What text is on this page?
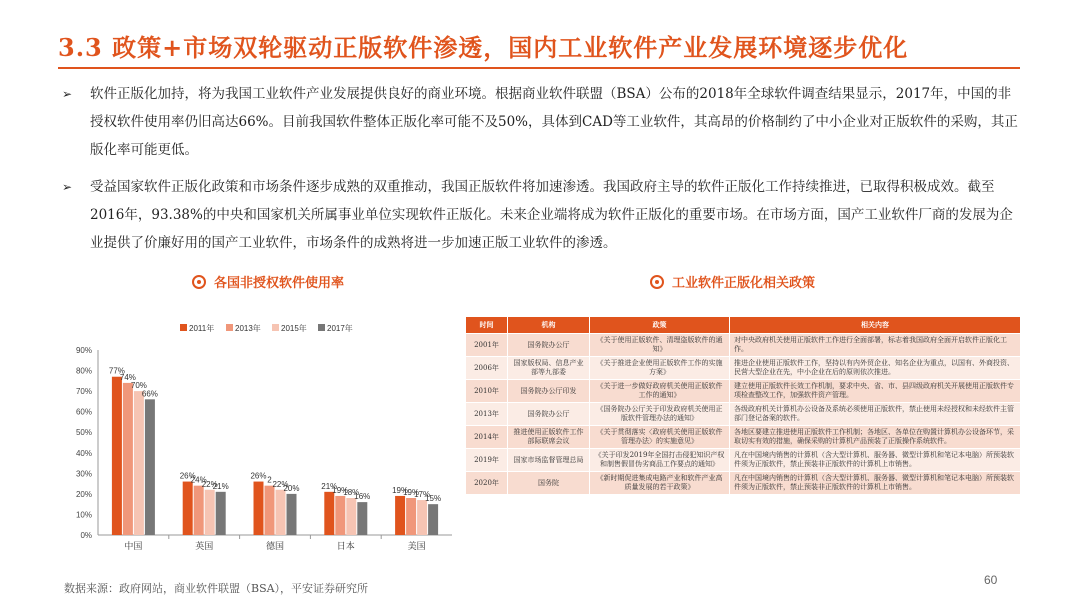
3.3 政策+市场双轮驱动正版软件渗透，国内工业软件产业发展环境逐步优化
➢ 软件正版化加持，将为我国工业软件产业发展提供良好的商业环境。根据商业软件联盟（BSA）公布的2018年全球软件调查结果显示，2017年，中国的非授权软件使用率仍旧高达66%。目前我国软件整体正版化率可能不及50%，具体到CAD等工业软件，其高昂的价格制约了中小企业对正版软件的采购，其正版化率可能更低。
➢ 受益国家软件正版化政策和市场条件逐步成熟的双重推动，我国正版软件将加速渗透。我国政府主导的软件正版化工作持续推进，已取得积极成效。截至2016年，93.38%的中央和国家机关所属事业单位实现软件正版化。未来企业端将成为软件正版化的重要市场。在市场方面，国产工业软件厂商的发展为企业提供了价廉好用的国产工业软件，市场条件的成熟将进一步加速正版工业软件的渗透。
各国非授权软件使用率	工业软件正版化相关政策
0%
10%
20%
30%
40%
50%
60%
70%
80%
90%
77%
74%
70%
66%
中国
26%
24%
22%
21%
英国
26% 2 22%
20%
德国
21%
19%
18%
16%
日本
19%
19%
17%
15%
美国
2011年	2013年	2015年	2017年	时间	机构	政策	相关内容
2001年	国务院办公厅	《关于使用正版软件、清理盗版软件的通知》	对中央政府机关使用正版软件工作进行全面部署，标志着我国政府全面开启软件正版化工作。
2006年	国家版权局、信息产业部等九部委	《关于推进企业使用正版软件工作的实施方案》	推进企业使用正版软件工作，坚持以有内外贸企业、知名企业为重点，以国有、外商投资、民营大型企业在先，中小企业在后的原则依次推进。
2010年	国务院办公厅印发	《关于进一步做好政府机关使用正版软件工作的通知》	建立使用正版软件长效工作机制，要求中央、省、市、县四级政府机关开展使用正版软件专项检查整改工作，加强软件资产管理。
2013年	国务院办公厅	《国务院办公厅关于印发政府机关使用正版软件管理办法的通知》	各级政府机关计算机办公设备及系统必须使用正版软件，禁止使用未经授权和未经软件主管部门登记备案的软件。
2014年	推进使用正版软件工作部际联席会议	《关于贯彻落实〈政府机关使用正版软件管理办法〉的实施意见》	各地区要建立推进使用正版软件工作机制；各地区、各单位在购置计算机办公设备环节，采取切实有效的措施，确保采购的计算机产品预装了正版操作系统软件。
2019年	国家市场监督管理总局	《关于印发2019年全国打击侵犯知识产权和制售假冒伪劣商品工作要点的通知》	凡在中国境内销售的计算机（含大型计算机、服务器、微型计算机和笔记本电脑）所预装软件须为正版软件，禁止预装非正版软件的计算机上市销售。
2020年	国务院	《新时期促进集成电路产业和软件产业高质量发展的若干政策》	凡在中国境内销售的计算机（含大型计算机、服务器、微型计算机和笔记本电脑）所预装软件须为正版软件，禁止预装非正版软件的计算机上市销售。
数据来源：政府网站，商业软件联盟（BSA），平安证券研究所
60
